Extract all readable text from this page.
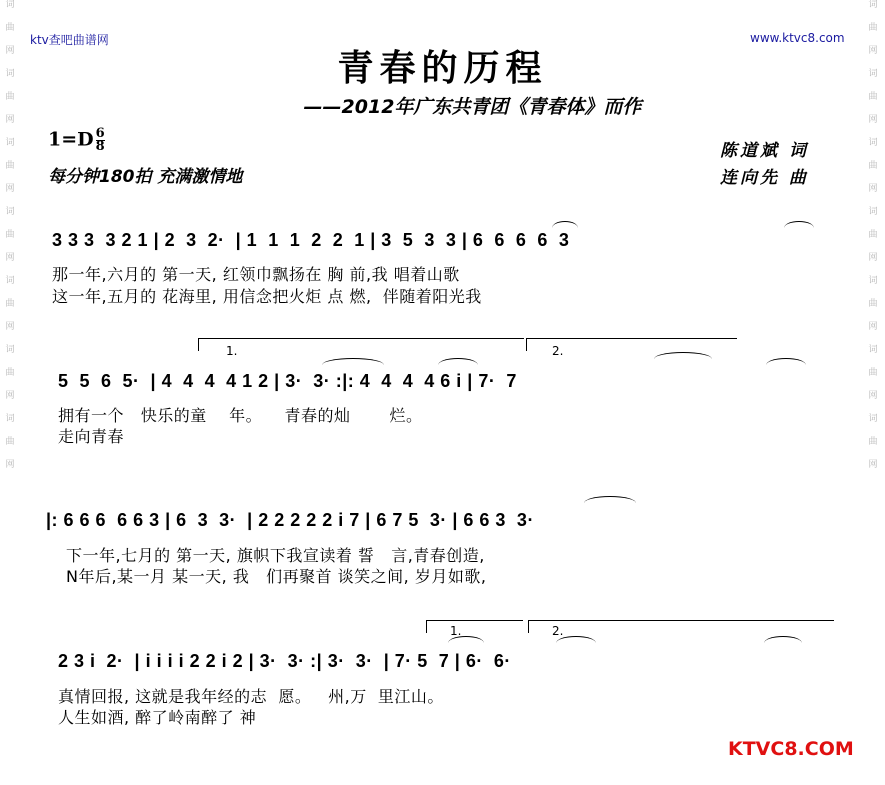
词
曲
网
词
曲
网
词
曲
网
词
曲
网
词
曲
网
词
曲
网
词
曲
网
词
曲
网
词
曲
网
词
曲
网
词
曲
网
词
曲
网
词
曲
网
词
曲
网
ktv查吧曲谱网	www.ktvc8.com
青春的历程
——2012年广东共青团《青春体》而作
$1=D \frac{6}{8}$
每分钟180拍 充满激情地
陈道斌 词
连向先 曲
3 3 3  3 2 1 | 2  3  2·  | 1  1  1  2  2  1 | 3  5  3  3 | 6  6  6  6  3
那一年,六月的 第一天, 红领巾飘扬在 胸 前,我 唱着山歌
这一年,五月的 花海里, 用信念把火炬 点 燃,  伴随着阳光我
1.	2.
5  5  6  5·  | 4  4  4  4 1 2 | 3·  3· :|: 4  4  4  4 6 i | 7·  7
拥有一个   快乐的童    年。    青春的灿       烂。
走向青春
|: 6 6 6  6 6 3 | 6  3  3·  | 2 2 2 2 2 i 7 | 6 7 5  3· | 6 6 3  3·
下一年,七月的 第一天, 旗帜下我宣读着 誓   言,青春创造,
N年后,某一月 某一天, 我   们再聚首 谈笑之间, 岁月如歌,
1.	2.
2 3 i  2·  | i i i i 2 2 i 2 | 3·  3· :| 3·  3·  | 7· 5  7 | 6·  6·
真情回报, 这就是我年经的志  愿。   州,万  里江山。
人生如酒, 醉了岭南醉了 神
KTVC8.COM
